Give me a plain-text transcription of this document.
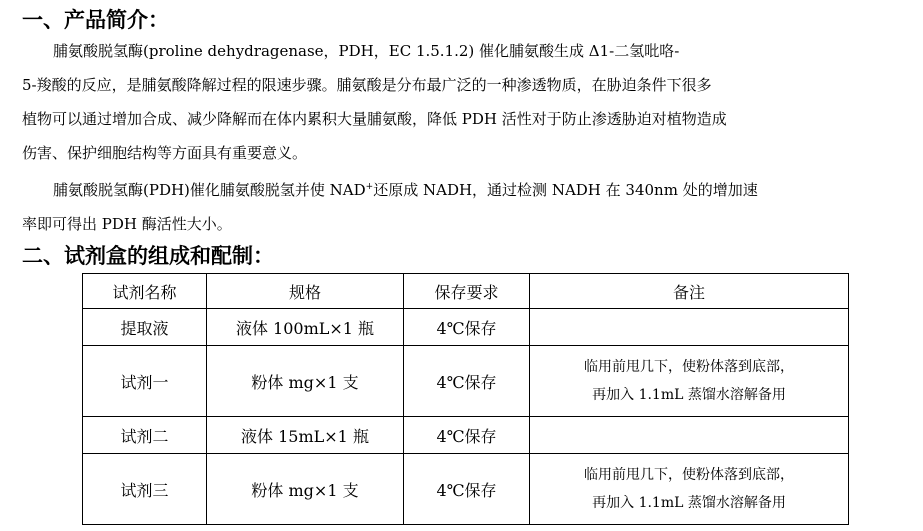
一、产品简介：
脯氨酸脱氢酶(proline dehydragenase，PDH，EC 1.5.1.2) 催化脯氨酸生成 Δ1-二氢吡咯-
5-羧酸的反应，是脯氨酸降解过程的限速步骤。脯氨酸是分布最广泛的一种渗透物质，在胁迫条件下很多
植物可以通过增加合成、减少降解而在体内累积大量脯氨酸，降低 PDH 活性对于防止渗透胁迫对植物造成
伤害、保护细胞结构等方面具有重要意义。
脯氨酸脱氢酶(PDH)催化脯氨酸脱氢并使 NAD+还原成 NADH，通过检测 NADH 在 340nm 处的增加速
率即可得出 PDH 酶活性大小。
二、试剂盒的组成和配制：
试剂名称	规格	保存要求	备注
提取液	液体 100mL×1 瓶	4℃保存	
试剂一	粉体 mg×1 支	4℃保存	临用前甩几下，使粉体落到底部，
再加入 1.1mL 蒸馏水溶解备用

试剂二	液体 15mL×1 瓶	4℃保存	
试剂三	粉体 mg×1 支	4℃保存	临用前甩几下，使粉体落到底部，
再加入 1.1mL 蒸馏水溶解备用
